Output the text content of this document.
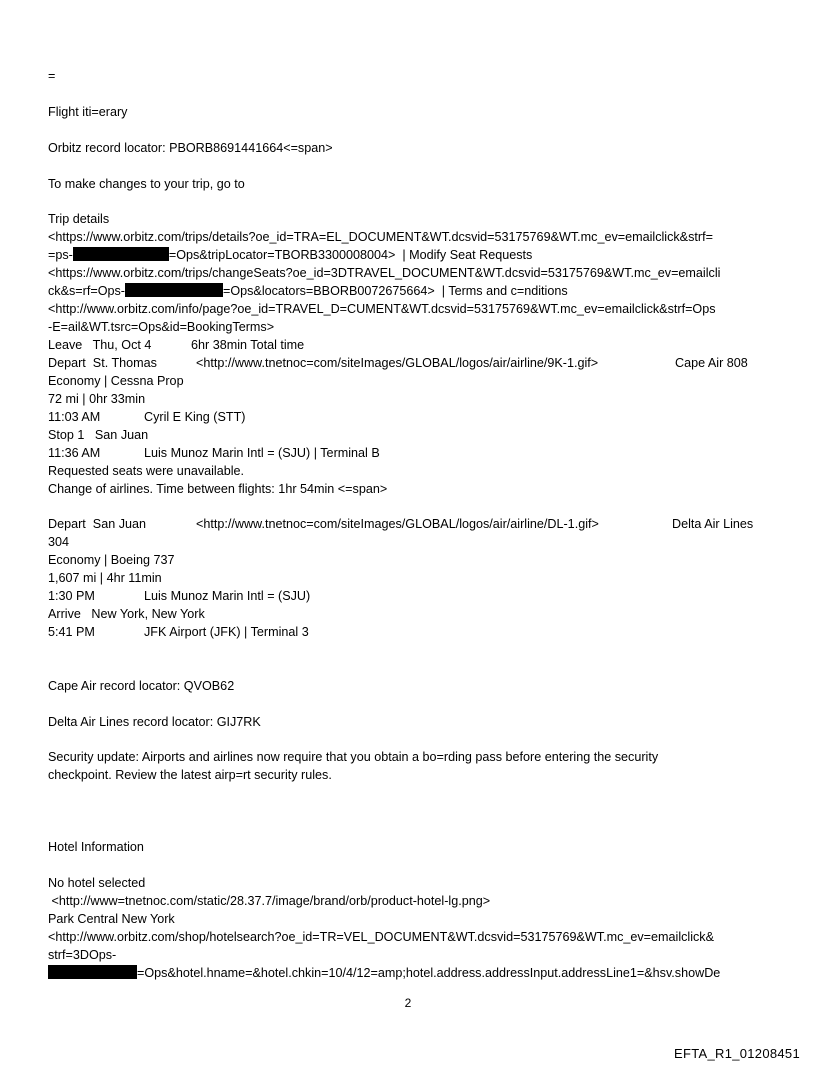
=
Flight iti=erary
Orbitz record locator: PBORB8691441664<=span>
To make changes to your trip, go to
Trip details
<https://www.orbitz.com/trips/details?oe_id=TRA=EL_DOCUMENT&WT.dcsvid=53175769&WT.mc_ev=emailclick&strf=
=ps-	=Ops&tripLocator=TBORB3300008004>  | Modify Seat Requests
<https://www.orbitz.com/trips/changeSeats?oe_id=3DTRAVEL_DOCUMENT&WT.dcsvid=53175769&WT.mc_ev=emailcli
ck&s=rf=Ops-	=Ops&locators=BBORB0072675664>  | Terms and c=nditions
<http://www.orbitz.com/info/page?oe_id=TRAVEL_D=CUMENT&WT.dcsvid=53175769&WT.mc_ev=emailclick&strf=Ops
-E=ail&WT.tsrc=Ops&id=BookingTerms>
Leave   Thu, Oct 4	6hr 38min Total time
Depart  St. Thomas	<http://www.tnetnoc=com/siteImages/GLOBAL/logos/air/airline/9K-1.gif>	Cape Air 808
Economy | Cessna Prop
72 mi | 0hr 33min
11:03 AM	Cyril E King (STT)
Stop 1   San Juan
11:36 AM	Luis Munoz Marin Intl = (SJU) | Terminal B
Requested seats were unavailable.
Change of airlines. Time between flights: 1hr 54min <=span>
Depart  San Juan	<http://www.tnetnoc=com/siteImages/GLOBAL/logos/air/airline/DL-1.gif>	Delta Air Lines
304
Economy | Boeing 737
1,607 mi | 4hr 11min
1:30 PM	Luis Munoz Marin Intl = (SJU)
Arrive   New York, New York
5:41 PM	JFK Airport (JFK) | Terminal 3
Cape Air record locator: QVOB62
Delta Air Lines record locator: GIJ7RK
Security update: Airports and airlines now require that you obtain a bo=rding pass before entering the security
checkpoint. Review the latest airp=rt security rules.
Hotel Information
No hotel selected
<http://www=tnetnoc.com/static/28.37.7/image/brand/orb/product-hotel-lg.png>
Park Central New York
<http://www.orbitz.com/shop/hotelsearch?oe_id=TR=VEL_DOCUMENT&WT.dcsvid=53175769&WT.mc_ev=emailclick&
strf=3DOps-
=Ops&hotel.hname=&hotel.chkin=10/4/12=amp;hotel.address.addressInput.addressLine1=&hsv.showDe
2
EFTA_R1_01208451
